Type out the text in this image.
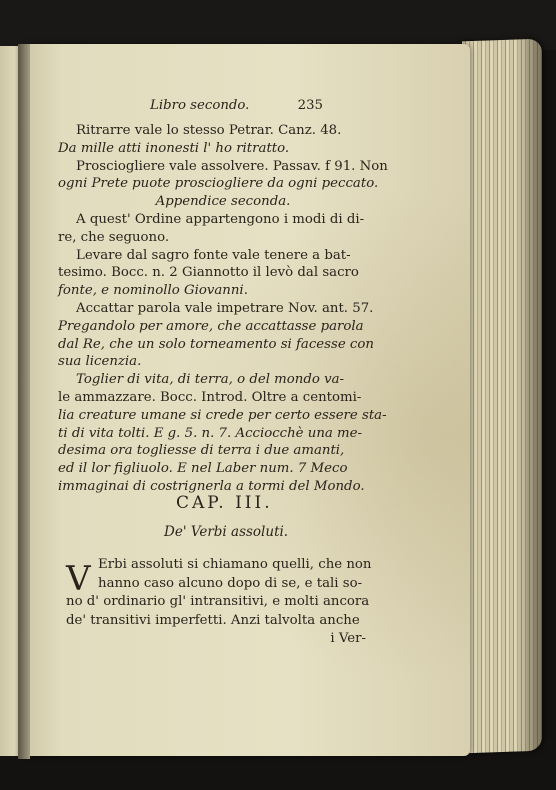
Libro secondo.	235
Ritrarre vale lo stesso Petrar. Canz. 48.
Da mille atti inonesti l' ho ritratto.
Prosciogliere vale assolvere. Passav. f 91. Non
ogni Prete puote prosciogliere da ogni peccato.
Appendice seconda.
A quest' Ordine appartengono i modi di di-
re, che seguono.
Levare dal sagro fonte vale tenere a bat-
tesimo. Bocc. n. 2 Giannotto il levò dal sacro
fonte, e nominollo Giovanni.
Accattar parola vale impetrare Nov. ant. 57.
Pregandolo per amore, che accattasse parola
dal Re, che un solo torneamento si facesse con
sua licenzia.
Toglier di vita, di terra, o del mondo va-
le ammazzare. Bocc. Introd. Oltre a centomi-
lia creature umane si crede per certo essere sta-
ti di vita tolti. E g. 5. n. 7. Acciocchè una me-
desima ora togliesse di terra i due amanti,
ed il lor figliuolo. E nel Laber num. 7 Meco
immaginai di costrignerla a tormi del Mondo.
CAP. III.
De' Verbi assoluti.
V Erbi assoluti si chiamano quelli, che non
hanno caso alcuno dopo di se, e tali so-
no d' ordinario gl' intransitivi, e molti ancora
de' transitivi imperfetti. Anzi talvolta anche
i Ver-
